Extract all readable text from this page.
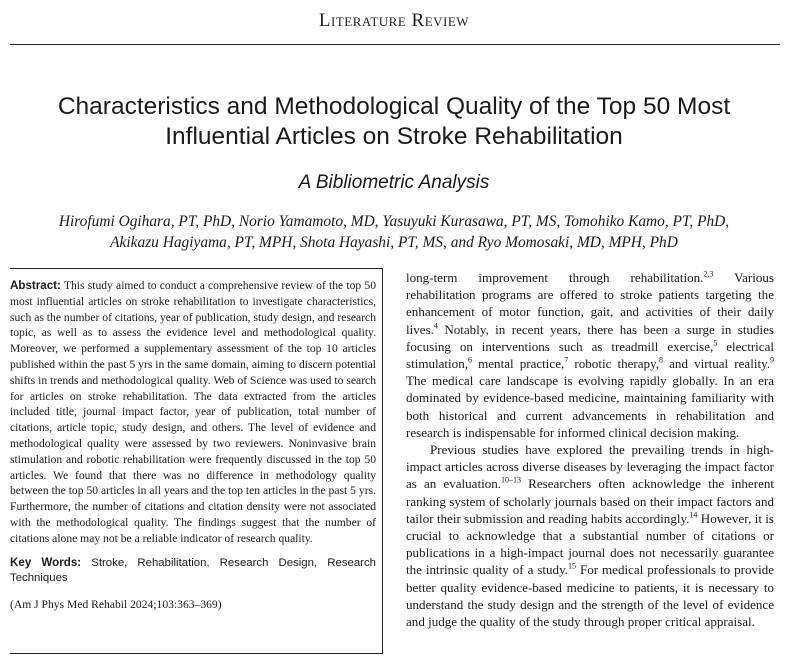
Literature Review
Characteristics and Methodological Quality of the Top 50 Most
Influential Articles on Stroke Rehabilitation
A Bibliometric Analysis
Hirofumi Ogihara, PT, PhD, Norio Yamamoto, MD, Yasuyuki Kurasawa, PT, MS, Tomohiko Kamo, PT, PhD,
Akikazu Hagiyama, PT, MPH, Shota Hayashi, PT, MS, and Ryo Momosaki, MD, MPH, PhD

Abstract: This study aimed to conduct a comprehensive review of the top 50 most influential articles on stroke rehabilitation to investigate characteristics, such as the number of citations, year of publication, study design, and research topic, as well as to assess the evidence level and methodological quality. Moreover, we performed a supplementary assessment of the top 10 articles published within the past 5 yrs in the same domain, aiming to discern potential shifts in trends and methodological quality. Web of Science was used to search for articles on stroke rehabilitation. The data extracted from the articles included title, journal impact factor, year of publication, total number of citations, article topic, study design, and others. The level of evidence and methodological quality were assessed by two reviewers. Noninvasive brain stimulation and robotic rehabilitation were frequently discussed in the top 50 articles. We found that there was no difference in methodology quality between the top 50 articles in all years and the top ten articles in the past 5 yrs. Furthermore, the number of citations and citation density were not associated with the methodological quality. The findings suggest that the number of citations alone may not be a reliable indicator of research quality.

Key Words: Stroke, Rehabilitation, Research Design, Research Techniques

(Am J Phys Med Rehabil 2024;103:363–369)

long-term improvement through rehabilitation.$^{2,3}$ Various rehabilitation programs are offered to stroke patients targeting the enhancement of motor function, gait, and activities of their daily lives.$^4$ Notably, in recent years, there has been a surge in studies focusing on interventions such as treadmill exercise,$^5$ electrical stimulation,$^6$ mental practice,$^7$ robotic therapy,$^8$ and virtual reality.$^9$ The medical care landscape is evolving rapidly globally. In an era dominated by evidence-based medicine, maintaining familiarity with both historical and current advancements in rehabilitation and research is indispensable for informed clinical decision making.

Previous studies have explored the prevailing trends in high-impact articles across diverse diseases by leveraging the impact factor as an evaluation.$^{10-13}$ Researchers often acknowledge the inherent ranking system of scholarly journals based on their impact factors and tailor their submission and reading habits accordingly.$^{14}$ However, it is crucial to acknowledge that a substantial number of citations or publications in a high-impact journal does not necessarily guarantee the intrinsic quality of a study.$^{15}$ For medical professionals to provide better quality evidence-based medicine to patients, it is necessary to understand the study design and the strength of the level of evidence and judge the quality of the study through proper critical appraisal.
